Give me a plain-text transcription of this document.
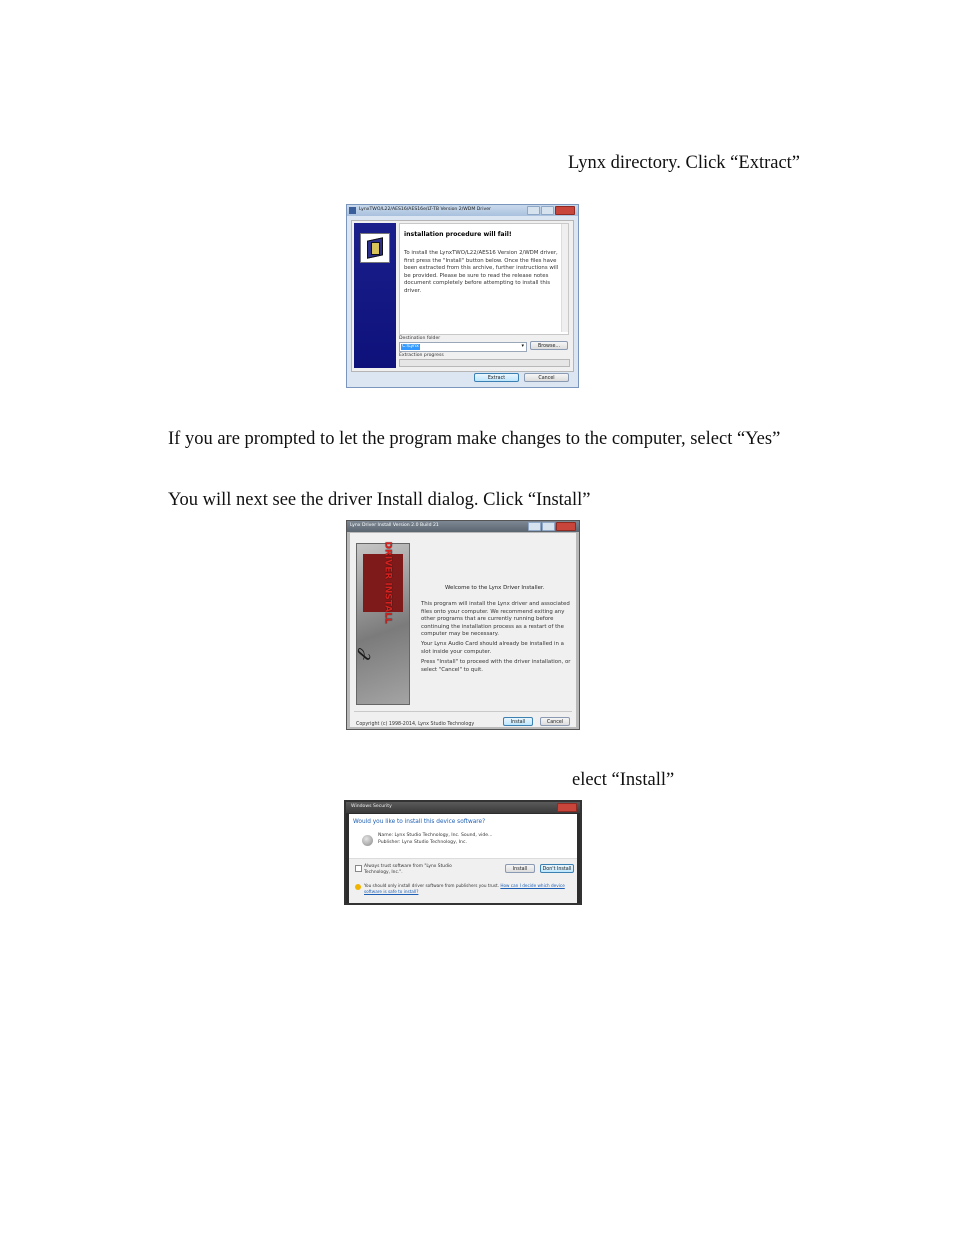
Lynx directory. Click “Extract”
If you are prompted to let the program make changes to the computer, select “Yes”
You will next see the driver Install dialog. Click “Install”
elect “Install”
LynxTWO/L22/AES16/AES16e/LT-TB Version 2/WDM Driver
installation procedure will fail!
To install the LynxTWO/L22/AES16 Version 2/WDM driver, first press the "Install" button below. Once the files have been extracted from this archive, further instructions will be provided. Please be sure to read the release notes document completely before attempting to install this driver.
Destination folder
C:\Lynx	▾	Browse...
Extraction progress
Extract	Cancel
Lynx Driver Install Version 2.0 Build 21
DRIVER INSTALL
ℓ
Welcome to the Lynx Driver Installer.
This program will install the Lynx driver and associated files onto your computer. We recommend exiting any other programs that are currently running before continuing the installation process as a restart of the computer may be necessary.
Your Lynx Audio Card should already be installed in a slot inside your computer.
Press "Install" to proceed with the driver installation, or select "Cancel" to quit.
Copyright (c) 1998-2014, Lynx Studio Technology	Install	Cancel
Windows Security
Would you like to install this device software?
Name: Lynx Studio Technology, Inc. Sound, vide...
Publisher: Lynx Studio Technology, Inc.
Always trust software from "Lynx Studio Technology, Inc.".
Install	Don't Install
You should only install driver software from publishers you trust. How can I decide which device software is safe to install?
